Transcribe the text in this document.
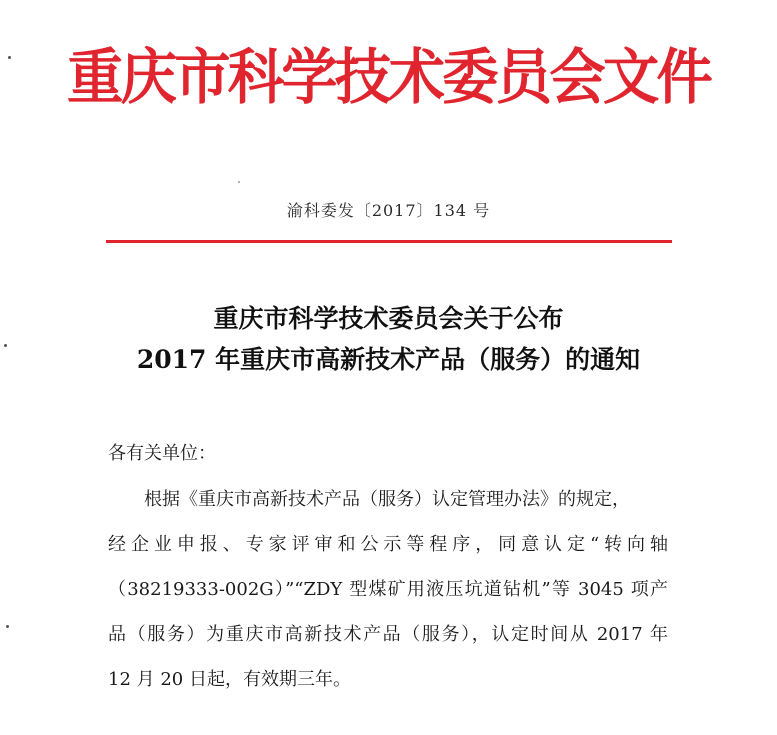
重庆市科学技术委员会文件
渝科委发〔2017〕134 号
重庆市科学技术委员会关于公布
2017 年重庆市高新技术产品（服务）的通知
各有关单位：
根据《重庆市高新技术产品（服务）认定管理办法》的规定，
经企业申报、专家评审和公示等程序，同意认定“转向轴
（38219333-002G）”“ZDY 型煤矿用液压坑道钻机”等 3045 项产
品（服务）为重庆市高新技术产品（服务），认定时间从 2017 年
12 月 20 日起，有效期三年。
